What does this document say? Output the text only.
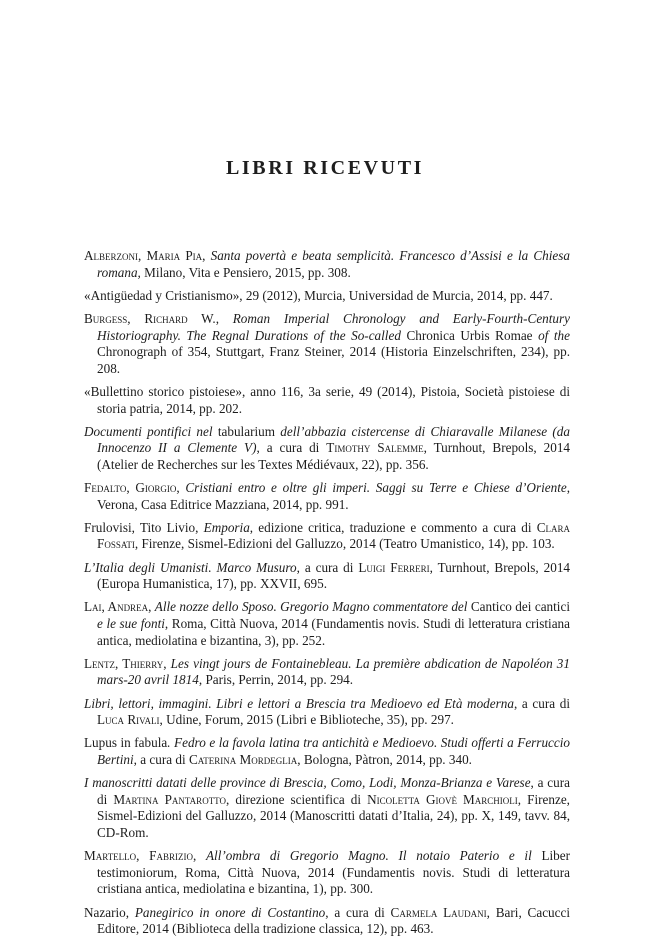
LIBRI RICEVUTI

Alberzoni, Maria Pia, Santa povertà e beata semplicità. Francesco d’Assisi e la Chiesa romana, Milano, Vita e Pensiero, 2015, pp. 308.

«Antigüedad y Cristianismo», 29 (2012), Murcia, Universidad de Murcia, 2014, pp. 447.

Burgess, Richard W., Roman Imperial Chronology and Early-Fourth-Century Historiography. The Regnal Durations of the So-called Chronica Urbis Romae of the Chronograph of 354, Stuttgart, Franz Steiner, 2014 (Historia Einzelschriften, 234), pp. 208.

«Bullettino storico pistoiese», anno 116, 3a serie, 49 (2014), Pistoia, Società pistoiese di storia patria, 2014, pp. 202.

Documenti pontifici nel tabularium dell’abbazia cistercense di Chiaravalle Milanese (da Innocenzo II a Clemente V), a cura di Timothy Salemme, Turnhout, Brepols, 2014 (Atelier de Recherches sur les Textes Médiévaux, 22), pp. 356.

Fedalto, Giorgio, Cristiani entro e oltre gli imperi. Saggi su Terre e Chiese d’Oriente, Verona, Casa Editrice Mazziana, 2014, pp. 991.

Frulovisi, Tito Livio, Emporia, edizione critica, traduzione e commento a cura di Clara Fossati, Firenze, Sismel-Edizioni del Galluzzo, 2014 (Teatro Umanistico, 14), pp. 103.

L’Italia degli Umanisti. Marco Musuro, a cura di Luigi Ferreri, Turnhout, Brepols, 2014 (Europa Humanistica, 17), pp. XXVII, 695.

Lai, Andrea, Alle nozze dello Sposo. Gregorio Magno commentatore del Cantico dei cantici e le sue fonti, Roma, Città Nuova, 2014 (Fundamentis novis. Studi di letteratura cristiana antica, mediolatina e bizantina, 3), pp. 252.

Lentz, Thierry, Les vingt jours de Fontainebleau. La première abdication de Napoléon 31 mars-20 avril 1814, Paris, Perrin, 2014, pp. 294.

Libri, lettori, immagini. Libri e lettori a Brescia tra Medioevo ed Età moderna, a cura di Luca Rivali, Udine, Forum, 2015 (Libri e Biblioteche, 35), pp. 297.

Lupus in fabula. Fedro e la favola latina tra antichità e Medioevo. Studi offerti a Ferruccio Bertini, a cura di Caterina Mordeglia, Bologna, Pàtron, 2014, pp. 340.

I manoscritti datati delle province di Brescia, Como, Lodi, Monza-Brianza e Varese, a cura di Martina Pantarotto, direzione scientifica di Nicoletta Giovè Marchioli, Firenze, Sismel-Edizioni del Galluzzo, 2014 (Manoscritti datati d’Italia, 24), pp. X, 149, tavv. 84, CD-Rom.

Martello, Fabrizio, All’ombra di Gregorio Magno. Il notaio Paterio e il Liber testimoniorum, Roma, Città Nuova, 2014 (Fundamentis novis. Studi di letteratura cristiana antica, mediolatina e bizantina, 1), pp. 300.

Nazario, Panegirico in onore di Costantino, a cura di Carmela Laudani, Bari, Cacucci Editore, 2014 (Biblioteca della tradizione classica, 12), pp. 463.
